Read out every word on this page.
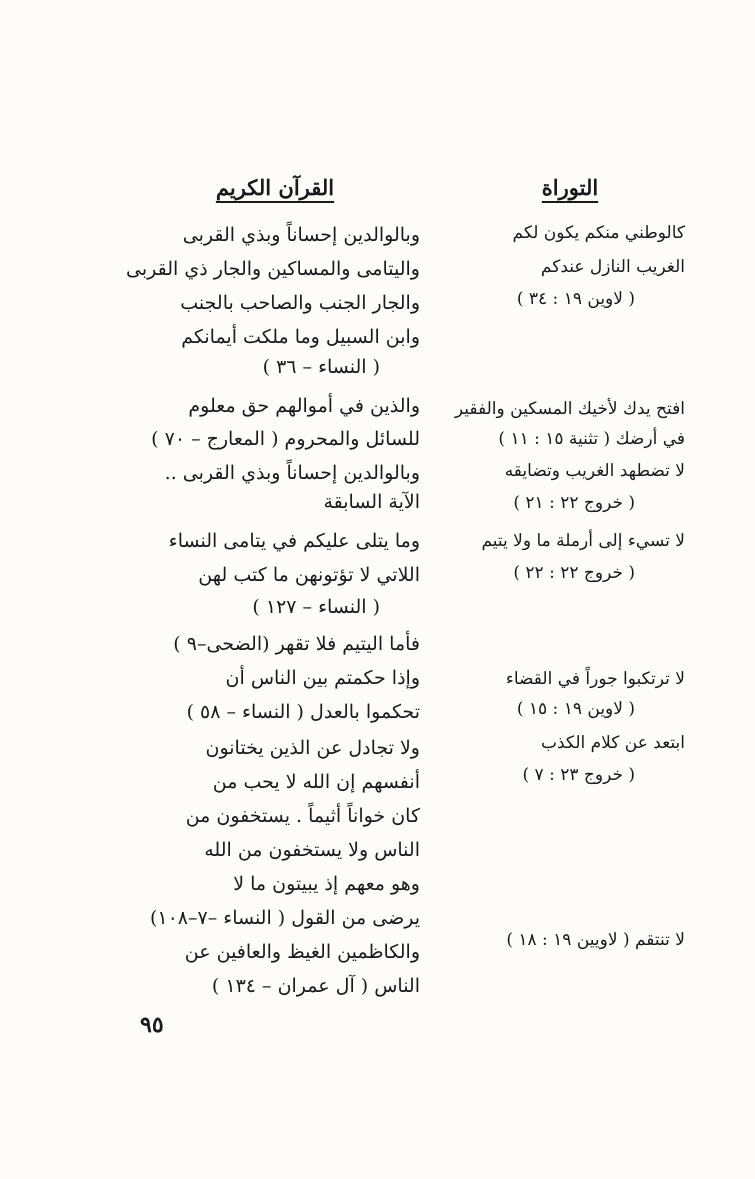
القرآن الكريم
وبالوالدين إحساناً وبذي القربى
واليتامى والمساكين والجار ذي القربى
والجار الجنب والصاحب بالجنب
وابن السبيل وما ملكت أيمانكم
( النساء – ٣٦ )
والذين في أموالهم حق معلوم
للسائل والمحروم ( المعارج – ٧٠ )
وبالوالدين إحساناً وبذي القربى ..
الآية السابقة
وما يتلى عليكم في يتامى النساء
اللاتي لا تؤتونهن ما كتب لهن
( النساء – ١٢٧ )
فأما اليتيم فلا تقهر (الضحى–٩ )
وإذا حكمتم بين الناس أن
تحكموا بالعدل ( النساء – ٥٨ )
ولا تجادل عن الذين يختانون
أنفسهم إن الله لا يحب من
كان خواناً أثيماً . يستخفون من
الناس ولا يستخفون من الله
وهو معهم إذ يبيتون ما لا
يرضى من القول ( النساء –٧–١٠٨)
والكاظمين الغيظ والعافين عن
الناس ( آل عمران – ١٣٤ )
التوراة
كالوطني منكم يكون لكم
الغريب النازل عندكم
( لاوين ١٩ : ٣٤ )
افتح يدك لأخيك المسكين والفقير
في أرضك ( تثنية ١٥ : ١١ )
لا تضطهد الغريب وتضايقه
( خروج ٢٢ : ٢١ )
لا تسيء إلى أرملة ما ولا يتيم
( خروج ٢٢ : ٢٢ )
لا ترتكبوا جوراً في القضاء
( لاوين ١٩ : ١٥ )
ابتعد عن كلام الكذب
( خروج ٢٣ : ٧ )
لا تنتقم ( لاويين ١٩ : ١٨ )
٩٥
